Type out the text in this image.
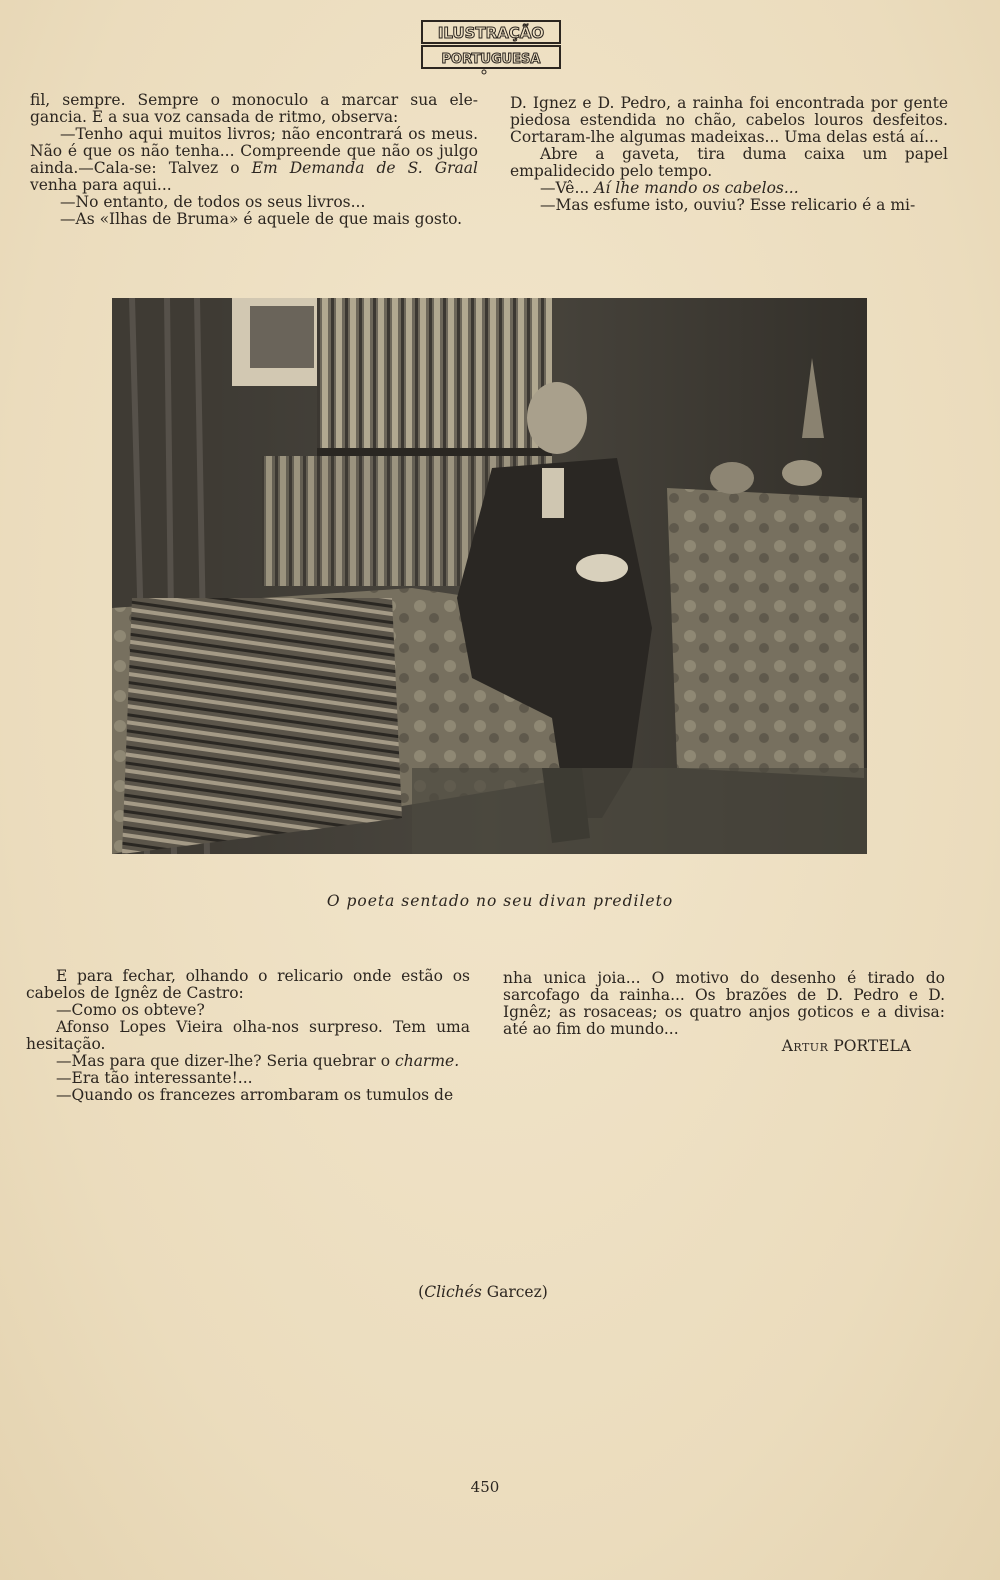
ILUSTRAÇÃO
PORTUGUESA

fil, sempre. Sempre o monoculo a marcar sua ele-gancia. E a sua voz cansada de ritmo, observa:

—Tenho aqui muitos livros; não encontrará os meus. Não é que os não tenha... Compreende que não os julgo ainda.—Cala-se: Talvez o Em Demanda de S. Graal venha para aqui...

—No entanto, de todos os seus livros...

—As «Ilhas de Bruma» é aquele de que mais gosto.

D. Ignez e D. Pedro, a rainha foi encontrada por gente piedosa estendida no chão, cabelos louros desfeitos. Cortaram-lhe algumas madeixas... Uma delas está aí...

Abre a gaveta, tira duma caixa um papel empalidecido pelo tempo.

—Vê... Aí lhe mando os cabelos...

—Mas esfume isto, ouviu? Esse relicario é a mi-

O poeta sentado no seu divan predileto

E para fechar, olhando o relicario onde estão os cabelos de Ignêz de Castro:

—Como os obteve?

Afonso Lopes Vieira olha-nos surpreso. Tem uma hesitação.

—Mas para que dizer-lhe? Seria quebrar o charme.

—Era tão interessante!...

—Quando os francezes arrombaram os tumulos de

nha unica joia... O motivo do desenho é tirado do sarcofago da rainha... Os brazões de D. Pedro e D. Ignêz; as rosaceas; os quatro anjos goticos e a divisa: até ao fim do mundo...

Artur PORTELA

(Clichés Garcez)
450
